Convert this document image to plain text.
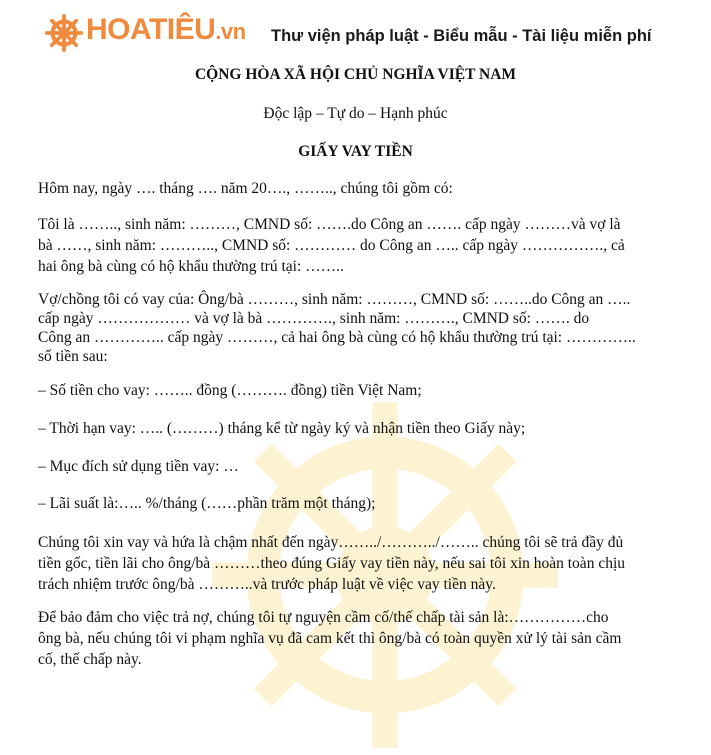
HOATIÊU.vn Thư viện pháp luật - Biểu mẫu - Tài liệu miễn phí
CỘNG HÒA XÃ HỘI CHỦ NGHĨA VIỆT NAM
Độc lập – Tự do – Hạnh phúc
GIẤY VAY TIỀN
Hôm nay, ngày …. tháng …. năm 20…., …….., chúng tôi gồm có:
Tôi là …….., sinh năm: ………, CMND số: …….do Công an ……. cấp ngày ………và vợ là
bà ……, sinh năm: ……….., CMND số: ………… do Công an ….. cấp ngày ……………., cả
hai ông bà cùng có hộ khẩu thường trú tại: ……..
Vợ/chồng tôi có vay của: Ông/bà ………, sinh năm: ………, CMND số: ……..do Công an …..
cấp ngày ……………… và vợ là bà …………., sinh năm: ………., CMND số: ……. do
Công an ………….. cấp ngày ………, cả hai ông bà cùng có hộ khẩu thường trú tại: …………..
số tiền sau:
– Số tiền cho vay: …….. đồng (………. đồng) tiền Việt Nam;
– Thời hạn vay: ….. (………) tháng kể từ ngày ký và nhận tiền theo Giấy này;
– Mục đích sử dụng tiền vay: …
– Lãi suất là:….. %/tháng (……phần trăm một tháng);
Chúng tôi xin vay và hứa là chậm nhất đến ngày……../………../…….. chúng tôi sẽ trả đầy đủ
tiền gốc, tiền lãi cho ông/bà ………theo đúng Giấy vay tiền này, nếu sai tôi xin hoàn toàn chịu
trách nhiệm trước ông/bà ………..và trước pháp luật về việc vay tiền này.
Để bảo đảm cho việc trả nợ, chúng tôi tự nguyện cầm cố/thế chấp tài sản là:……………cho
ông bà, nếu chúng tôi vi phạm nghĩa vụ đã cam kết thì ông/bà có toàn quyền xử lý tài sản cầm
cố, thế chấp này.
